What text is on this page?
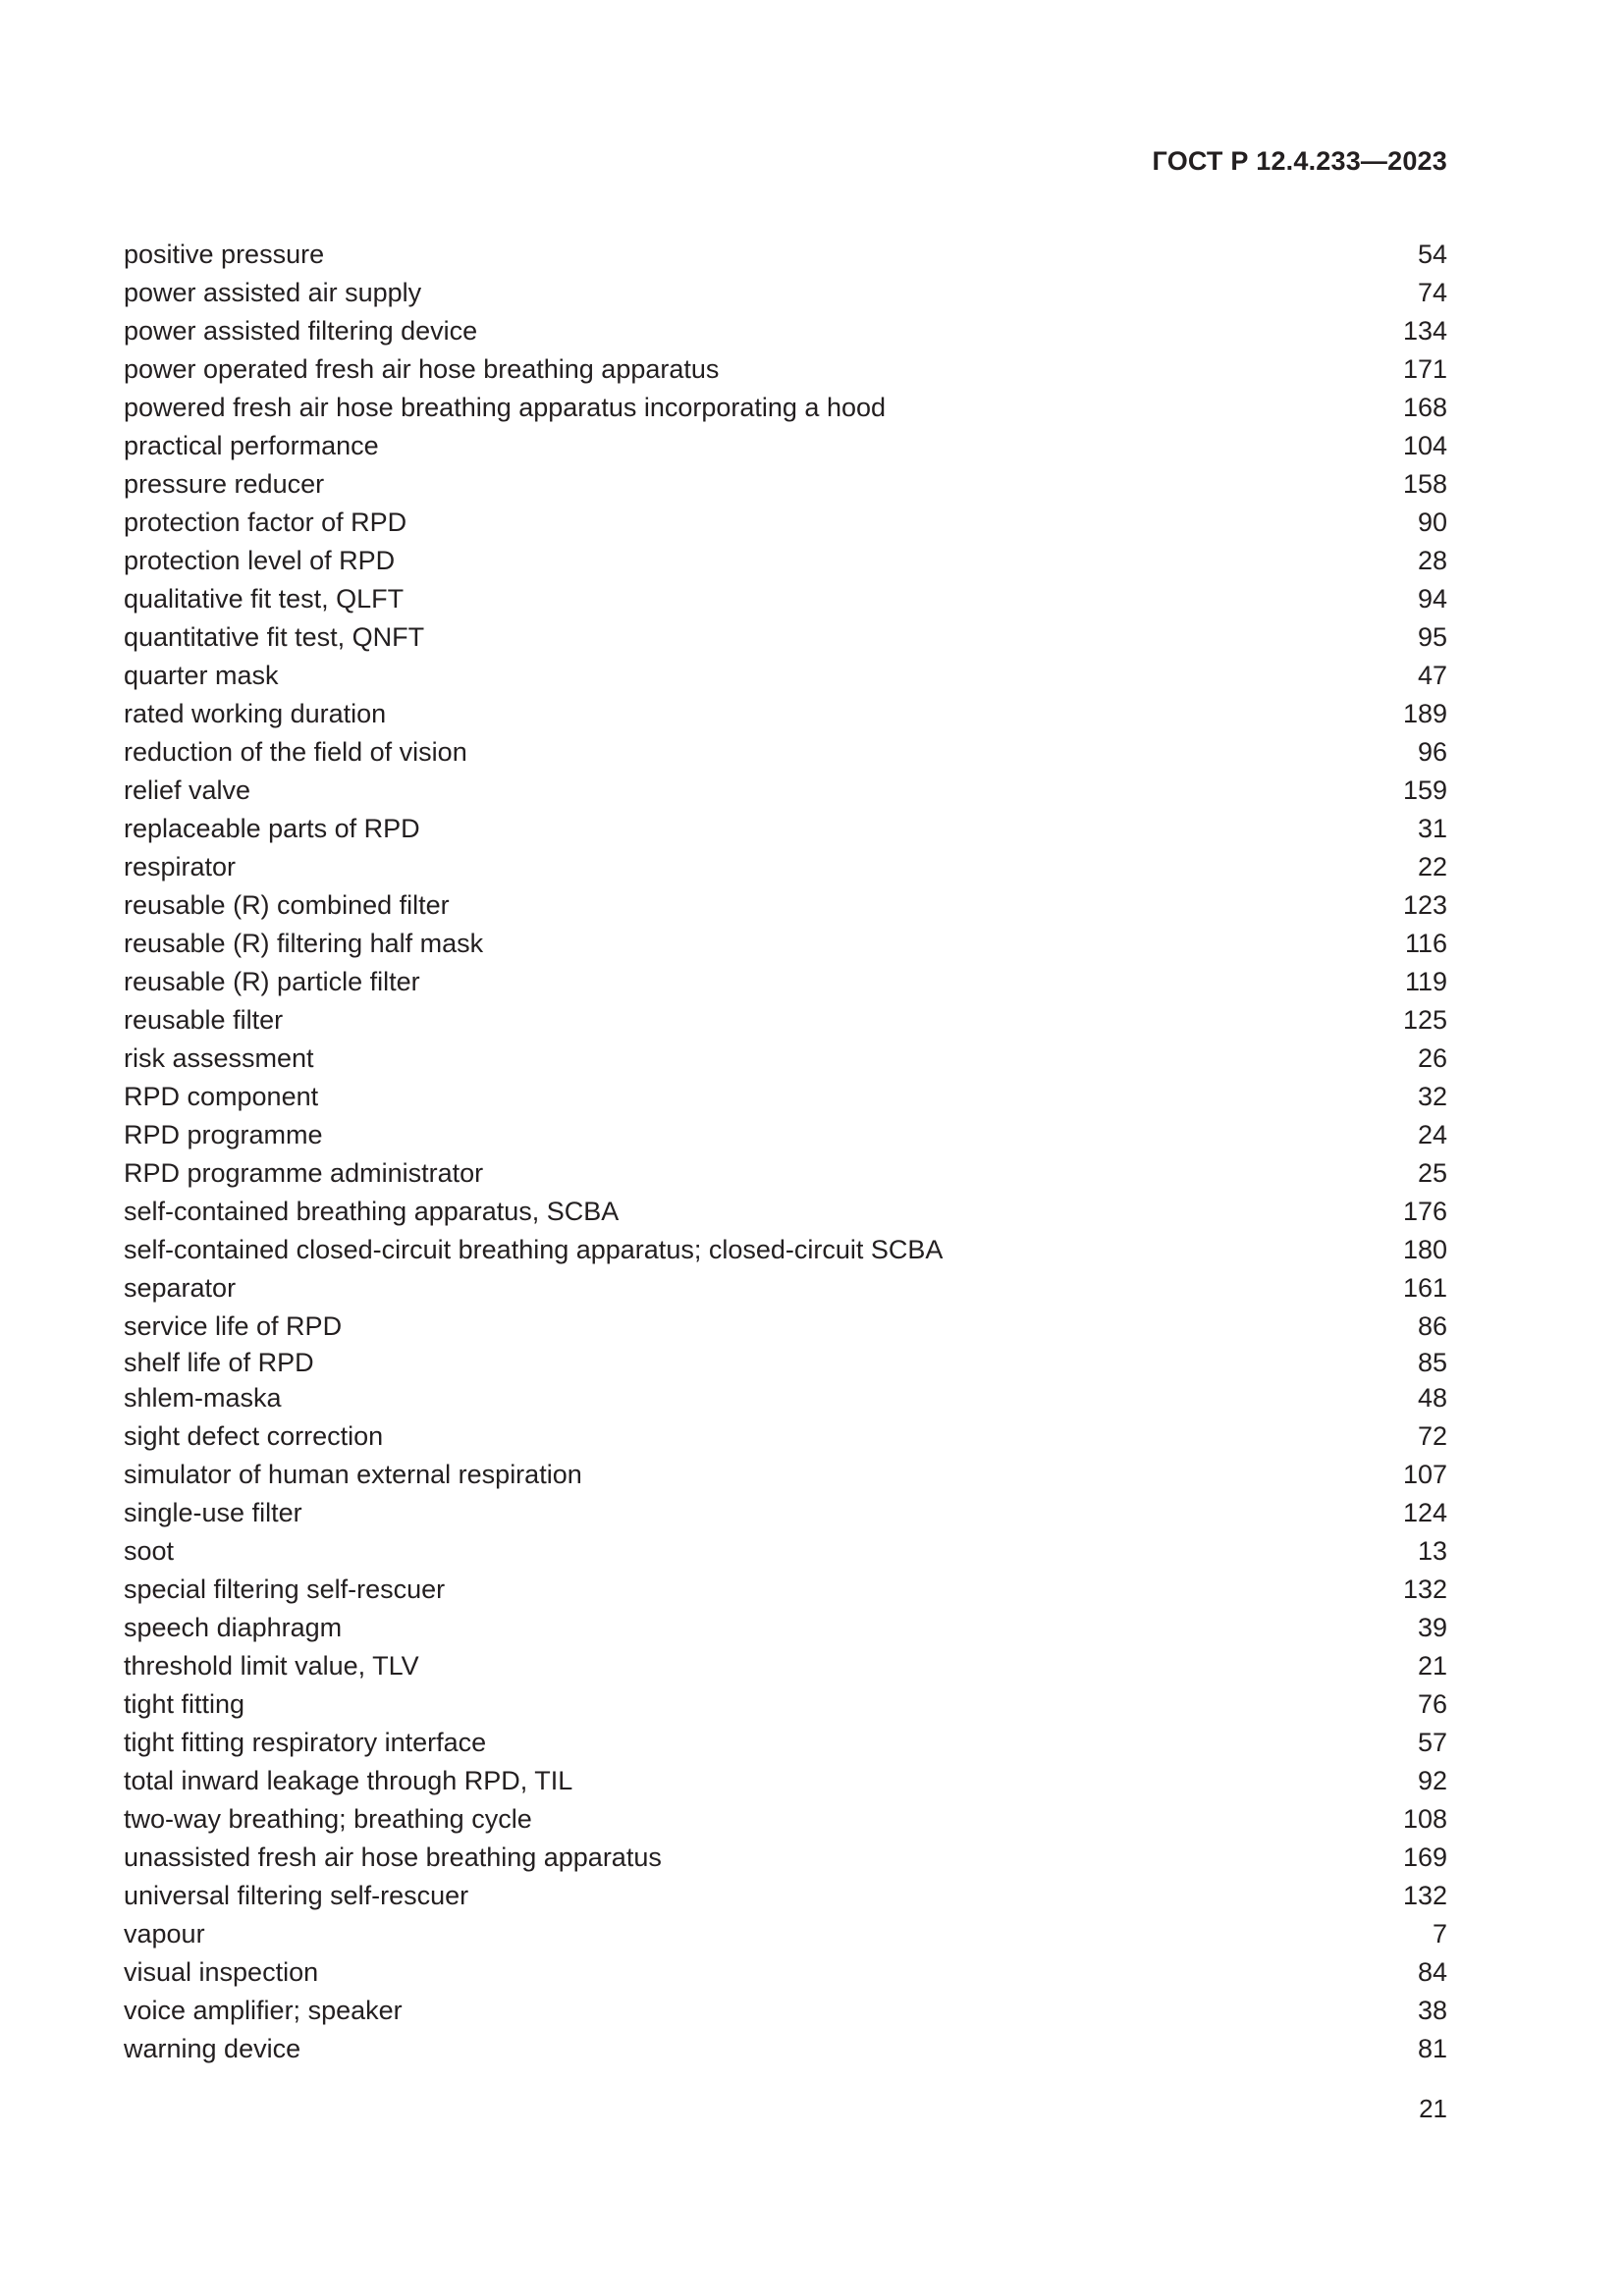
ГОСТ Р 12.4.233—2023
positive pressure	54
power assisted air supply	74
power assisted filtering device	134
power operated fresh air hose breathing apparatus	171
powered fresh air hose breathing apparatus incorporating a hood	168
practical performance	104
pressure reducer	158
protection factor of RPD	90
protection level of RPD	28
qualitative fit test, QLFT	94
quantitative fit test, QNFT	95
quarter mask	47
rated working duration	189
reduction of the field of vision	96
relief valve	159
replaceable parts of RPD	31
respirator	22
reusable (R) combined filter	123
reusable (R) filtering half mask	116
reusable (R) particle filter	119
reusable filter	125
risk assessment	26
RPD component	32
RPD programme	24
RPD programme administrator	25
self-contained breathing apparatus, SCBA	176
self-contained closed-circuit breathing apparatus; closed-circuit SCBA	180
separator	161
service life of RPD	86
shelf life of RPD	85
shlem-maska	48
sight defect correction	72
simulator of human external respiration	107
single-use filter	124
soot	13
special filtering self-rescuer	132
speech diaphragm	39
threshold limit value, TLV	21
tight fitting	76
tight fitting respiratory interface	57
total inward leakage through RPD, TIL	92
two-way breathing; breathing cycle	108
unassisted fresh air hose breathing apparatus	169
universal filtering self-rescuer	132
vapour	7
visual inspection	84
voice amplifier; speaker	38
warning device	81
21
